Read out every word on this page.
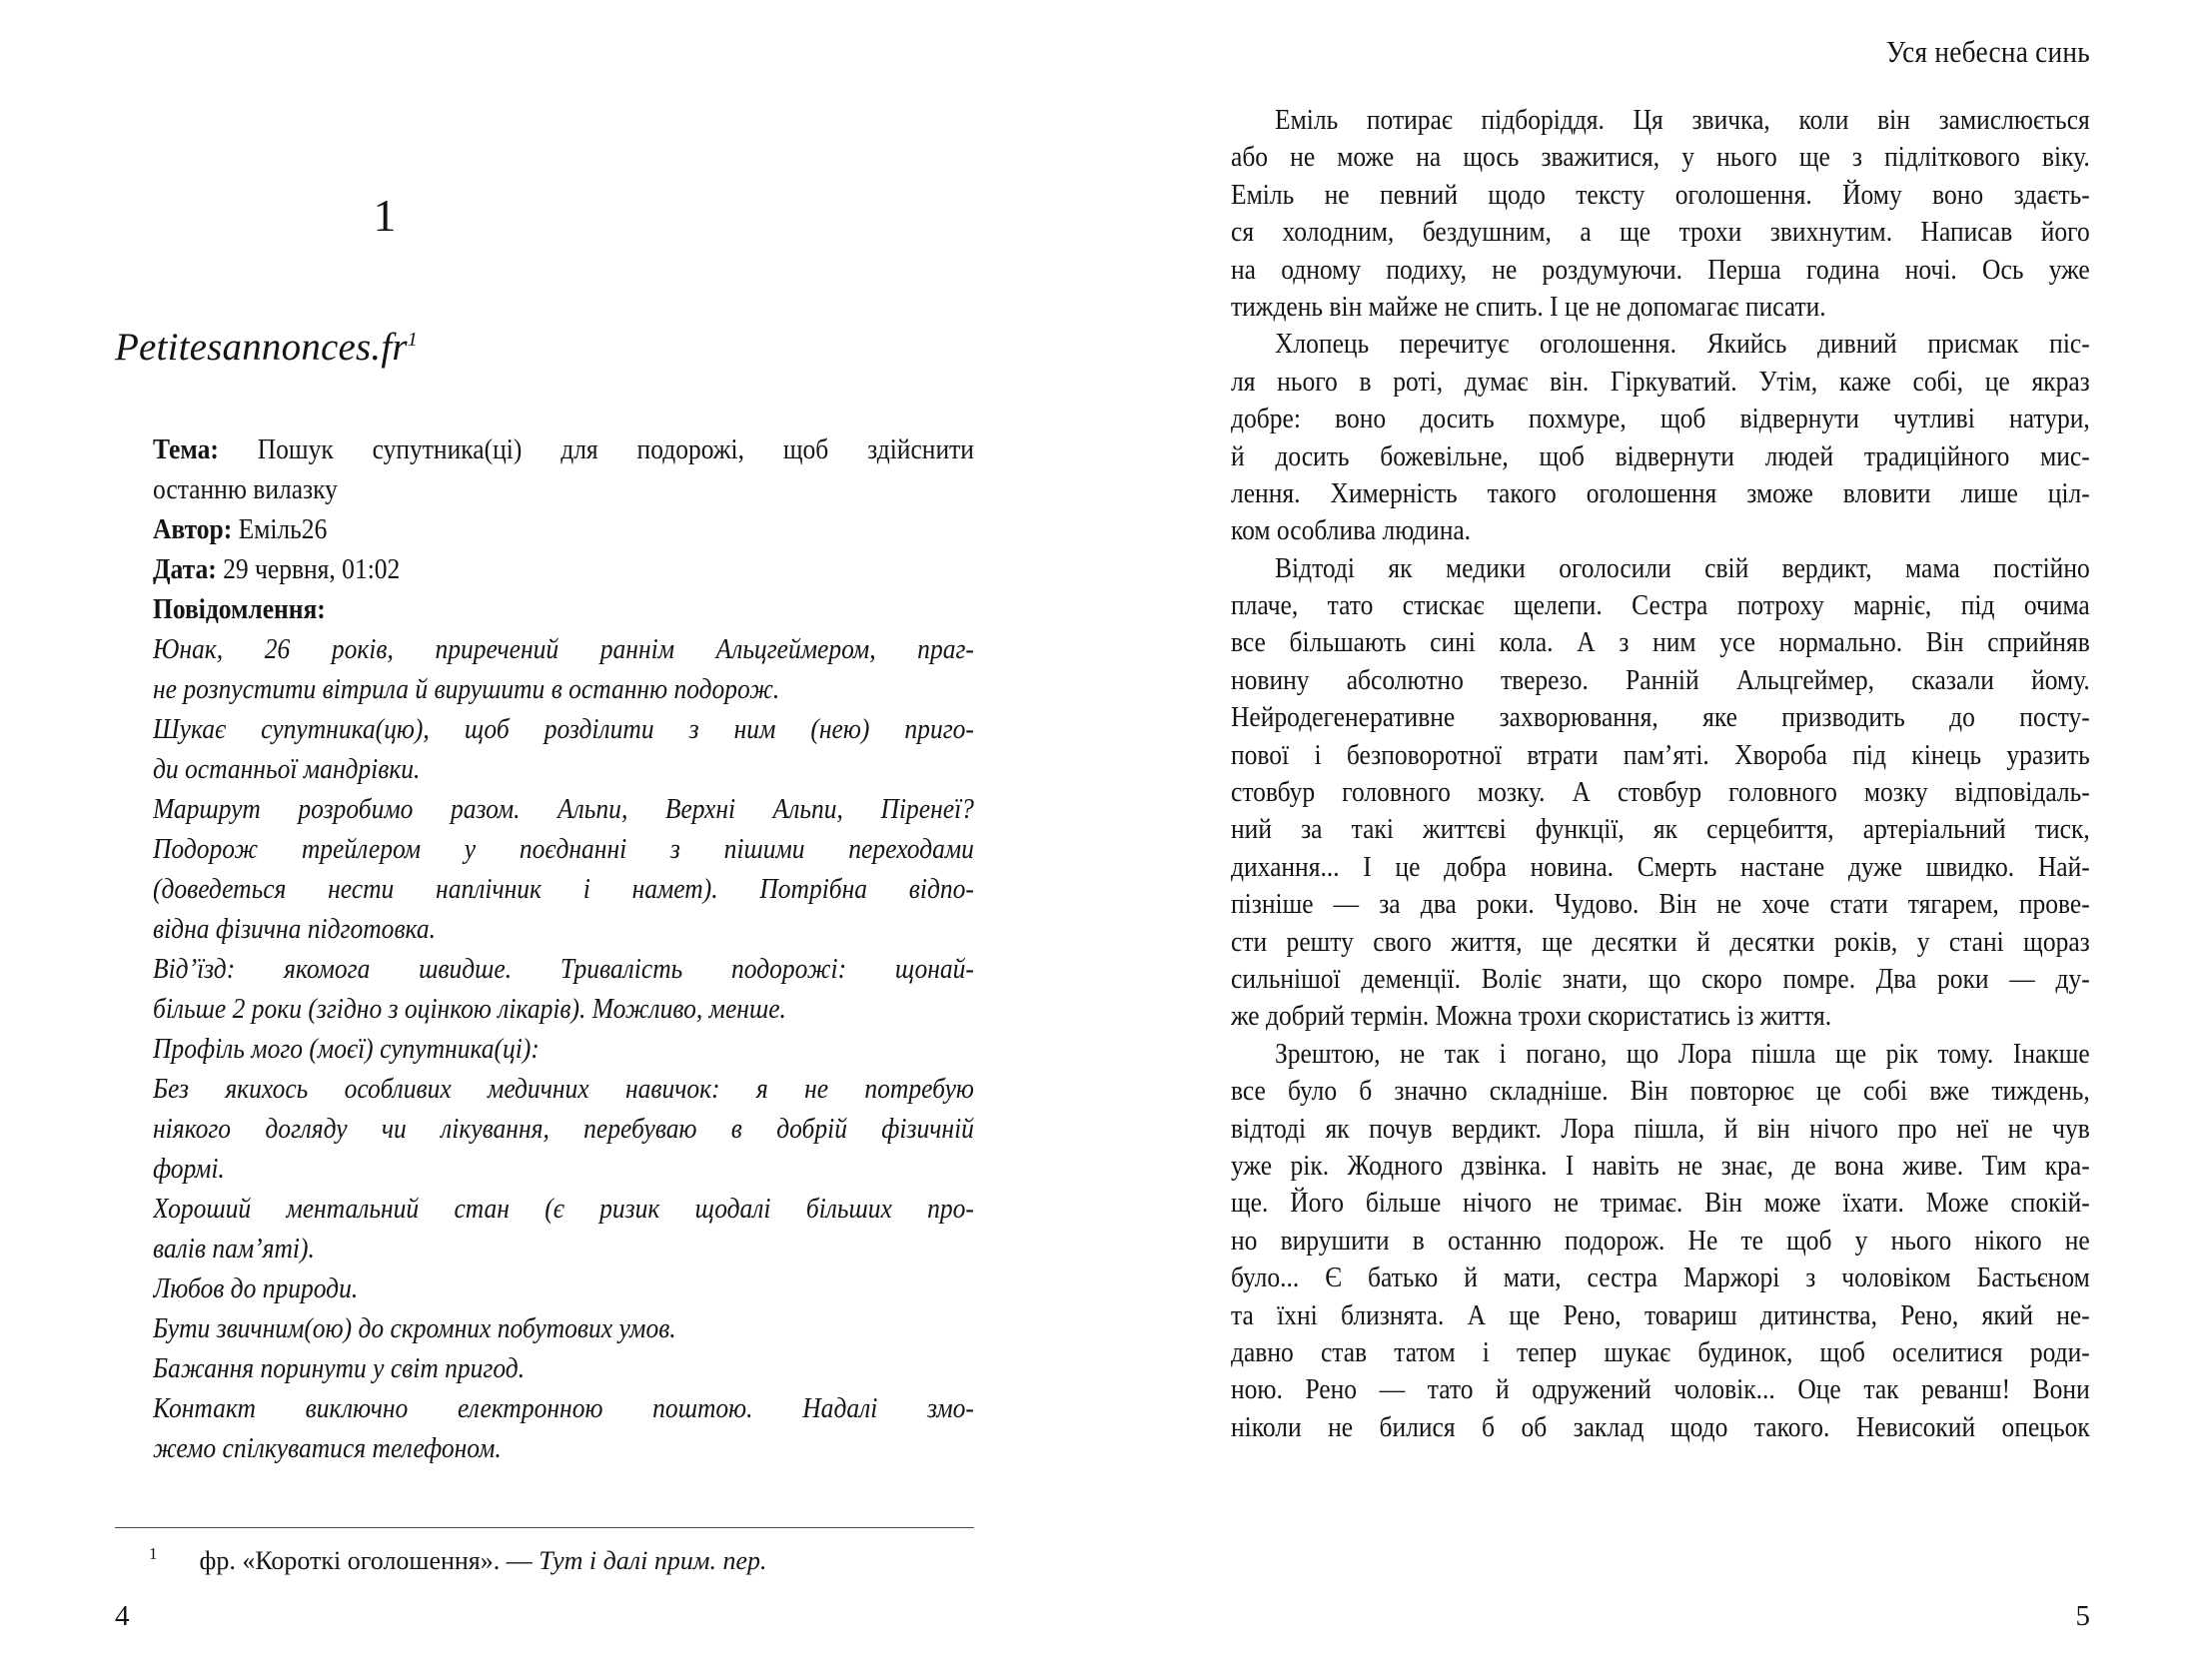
1
$Petitesannonces.fr^1$
Тема: Пошук супутника(ці) для подорожі, щоб здійснити
останню вилазку
Автор: Еміль26
Дата: 29 червня, 01:02
Повідомлення:
Юнак, 26 років, приречений раннім Альцгеймером, праг-
не розпустити вітрила й вирушити в останню подорож.
Шукає супутника(цю), щоб розділити з ним (нею) приго-
ди останньої мандрівки.
Маршрут розробимо разом. Альпи, Верхні Альпи, Піренеї?
Подорож трейлером у поєднанні з пішими переходами
(доведеться нести наплічник і намет). Потрібна відпо-
відна фізична підготовка.
Від’їзд: якомога швидше. Тривалість подорожі: щонай-
більше 2 роки (згідно з оцінкою лікарів). Можливо, менше.
Профіль мого (моєї) супутника(ці):
Без якихось особливих медичних навичок: я не потребую
ніякого догляду чи лікування, перебуваю в добрій фізичній
формі.
Хороший ментальний стан (є ризик щодалі більших про-
валів пам’яті).
Любов до природи.
Бути звичним(ою) до скромних побутових умов.
Бажання поринути у світ пригод.
Контакт виключно електронною поштою. Надалі змо-
жемо спілкуватися телефоном.
$^1$ фр. «Короткі оголошення». — Тут і далі прим. пер.
4
Уся небесна синь
Еміль потирає підборіддя. Ця звичка, коли він замислюється
або не може на щось зважитися, у нього ще з підліткового віку.
Еміль не певний щодо тексту оголошення. Йому воно здаєть-
ся холодним, бездушним, а ще трохи звихнутим. Написав його
на одному подиху, не роздумуючи. Перша година ночі. Ось уже
тиждень він майже не спить. І це не допомагає писати.
Хлопець перечитує оголошення. Якийсь дивний присмак піс-
ля нього в роті, думає він. Гіркуватий. Утім, каже собі, це якраз
добре: воно досить похмуре, щоб відвернути чутливі натури,
й досить божевільне, щоб відвернути людей традиційного мис-
лення. Химерність такого оголошення зможе вловити лише ціл-
ком особлива людина.
Відтоді як медики оголосили свій вердикт, мама постійно
плаче, тато стискає щелепи. Сестра потроху марніє, під очима
все більшають сині кола. А з ним усе нормально. Він сприйняв
новину абсолютно тверезо. Ранній Альцгеймер, сказали йому.
Нейродегенеративне захворювання, яке призводить до посту-
пової і безповоротної втрати пам’яті. Хвороба під кінець уразить
стовбур головного мозку. А стовбур головного мозку відповідаль-
ний за такі життєві функції, як серцебиття, артеріальний тиск,
дихання... І це добра новина. Смерть настане дуже швидко. Най-
пізніше — за два роки. Чудово. Він не хоче стати тягарем, прове-
сти решту свого життя, ще десятки й десятки років, у стані щораз
сильнішої деменції. Воліє знати, що скоро помре. Два роки — ду-
же добрий термін. Можна трохи скористатись із життя.
Зрештою, не так і погано, що Лора пішла ще рік тому. Інакше
все було б значно складніше. Він повторює це собі вже тиждень,
відтоді як почув вердикт. Лора пішла, й він нічого про неї не чув
уже рік. Жодного дзвінка. І навіть не знає, де вона живе. Тим кра-
ще. Його більше нічого не тримає. Він може їхати. Може спокій-
но вирушити в останню подорож. Не те щоб у нього нікого не
було... Є батько й мати, сестра Маржорі з чоловіком Бастьєном
та їхні близнята. А ще Рено, товариш дитинства, Рено, який не-
давно став татом і тепер шукає будинок, щоб оселитися роди-
ною. Рено — тато й одружений чоловік... Оце так реванш! Вони
ніколи не билися б об заклад щодо такого. Невисокий опецьок
5
